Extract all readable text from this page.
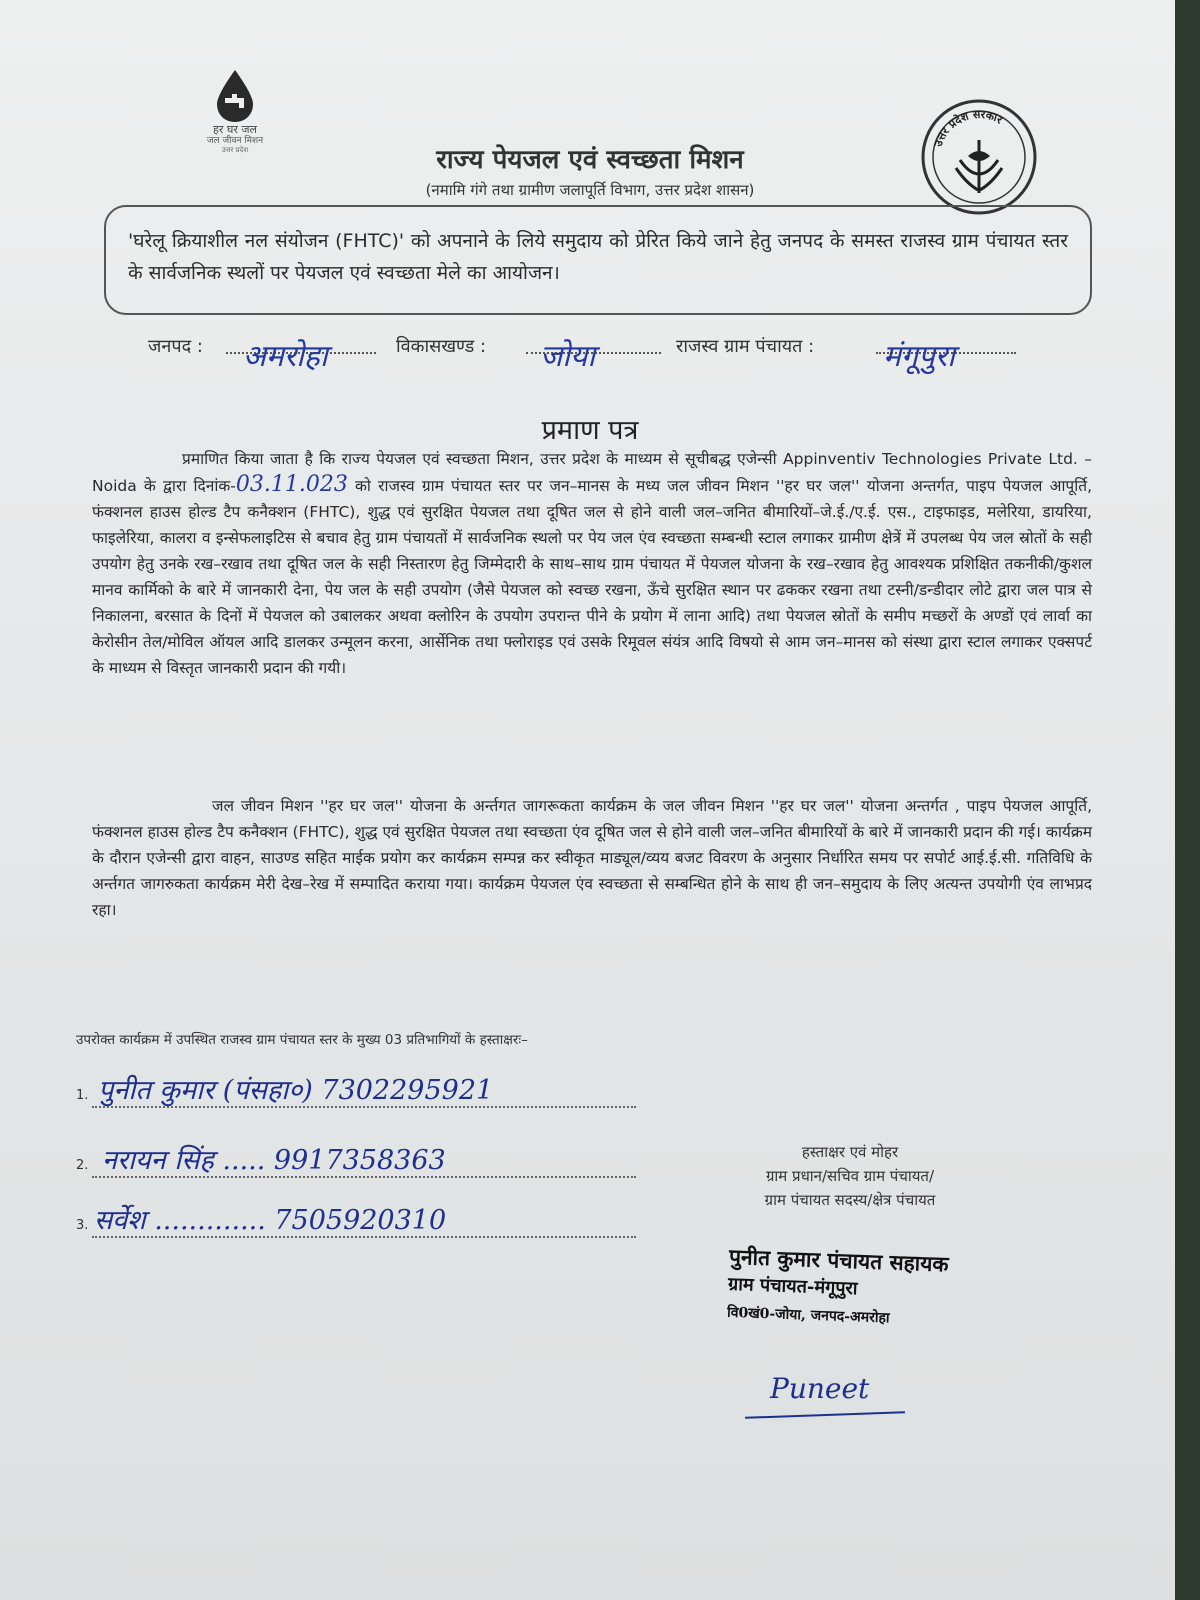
हर घर जल
जल जीवन मिशन
उत्तर प्रदेश
उत्तर प्रदेश सरकार
राज्य पेयजल एवं स्वच्छता मिशन
(नमामि गंगे तथा ग्रामीण जलापूर्ति विभाग, उत्तर प्रदेश शासन)
'घरेलू क्रियाशील नल संयोजन (FHTC)' को अपनाने के लिये समुदाय को प्रेरित किये जाने हेतु जनपद के समस्त राजस्व ग्राम पंचायत स्तर के सार्वजनिक स्थलों पर पेयजल एवं स्वच्छता मेले का आयोजन।
जनपद : अमरोहा	विकासखण्ड : जोया	राजस्व ग्राम पंचायत : मंगूपुरा
प्रमाण पत्र
प्रमाणित किया जाता है कि राज्य पेयजल एवं स्वच्छता मिशन, उत्तर प्रदेश के माध्यम से सूचीबद्ध एजेन्सी Appinventiv Technologies Private Ltd. – Noida के द्वारा दिनांक-03.11.023 को राजस्व ग्राम पंचायत स्तर पर जन–मानस के मध्य जल जीवन मिशन ''हर घर जल'' योजना अन्तर्गत, पाइप पेयजल आपूर्ति, फंक्शनल हाउस होल्ड टैप कनैक्शन (FHTC), शुद्ध एवं सुरक्षित पेयजल तथा दूषित जल से होने वाली जल–जनित बीमारियों–जे.ई./ए.ई. एस., टाइफाइड, मलेरिया, डायरिया, फाइलेरिया, कालरा व इन्सेफलाइटिस से बचाव हेतु ग्राम पंचायतों में सार्वजनिक स्थलो पर पेय जल एंव स्वच्छता सम्बन्धी स्टाल लगाकर ग्रामीण क्षेत्रें में उपलब्ध पेय जल स्रोतों के सही उपयोग हेतु उनके रख–रखाव तथा दूषित जल के सही निस्तारण हेतु जिम्मेदारी के साथ–साथ ग्राम पंचायत में पेयजल योजना के रख–रखाव हेतु आवश्यक प्रशिक्षित तकनीकी/कुशल मानव कार्मिको के बारे में जानकारी देना, पेय जल के सही उपयोग (जैसे पेयजल को स्वच्छ रखना, ऊँचे सुरक्षित स्थान पर ढककर रखना तथा टस्नी/डन्डीदार लोटे द्वारा जल पात्र से निकालना, बरसात के दिनों में पेयजल को उबालकर अथवा क्लोरिन के उपयोग उपरान्त पीने के प्रयोग में लाना आदि) तथा पेयजल स्रोतों के समीप मच्छरों के अण्डों एवं लार्वा का केरोसीन तेल/मोविल ऑयल आदि डालकर उन्मूलन करना, आर्सेनिक तथा फ्लोराइड एवं उसके रिमूवल संयंत्र आदि विषयो से आम जन–मानस को संस्था द्वारा स्टाल लगाकर एक्सपर्ट के माध्यम से विस्तृत जानकारी प्रदान की गयी।
जल जीवन मिशन ''हर घर जल'' योजना के अर्न्तगत जागरूकता कार्यक्रम के जल जीवन मिशन ''हर घर जल'' योजना अन्तर्गत , पाइप पेयजल आपूर्ति, फंक्शनल हाउस होल्ड टैप कनैक्शन (FHTC), शुद्ध एवं सुरक्षित पेयजल तथा स्वच्छता एंव दूषित जल से होने वाली जल–जनित बीमारियों के बारे में जानकारी प्रदान की गई। कार्यक्रम के दौरान एजेन्सी द्वारा वाहन, साउण्ड सहित माईक प्रयोग कर कार्यक्रम सम्पन्न कर स्वीकृत माड्यूल/व्यय बजट विवरण के अनुसार निर्धारित समय पर सपोर्ट आई.ई.सी. गतिविधि के अर्न्तगत जागरुकता कार्यक्रम मेरी देख–रेख में सम्पादित कराया गया। कार्यक्रम पेयजल एंव स्वच्छता से सम्बन्धित होने के साथ ही जन–समुदाय के लिए अत्यन्त उपयोगी एंव लाभप्रद रहा।
उपरोक्त कार्यक्रम में उपस्थित राजस्व ग्राम पंचायत स्तर के मुख्य 03 प्रतिभागियों के हस्ताक्षरः–
1. पुनीत कुमार (पंसहा०) 7302295921
2. नरायन सिंह ..... 9917358363
3. सर्वेश ............. 7505920310
हस्ताक्षर एवं मोहर
ग्राम प्रधान/सचिव ग्राम पंचायत/
ग्राम पंचायत सदस्य/क्षेत्र पंचायत
पुनीत कुमार पंचायत सहायक
ग्राम पंचायत-मंगूपुरा
वि0खं0-जोया, जनपद-अमरोहा
Puneet
